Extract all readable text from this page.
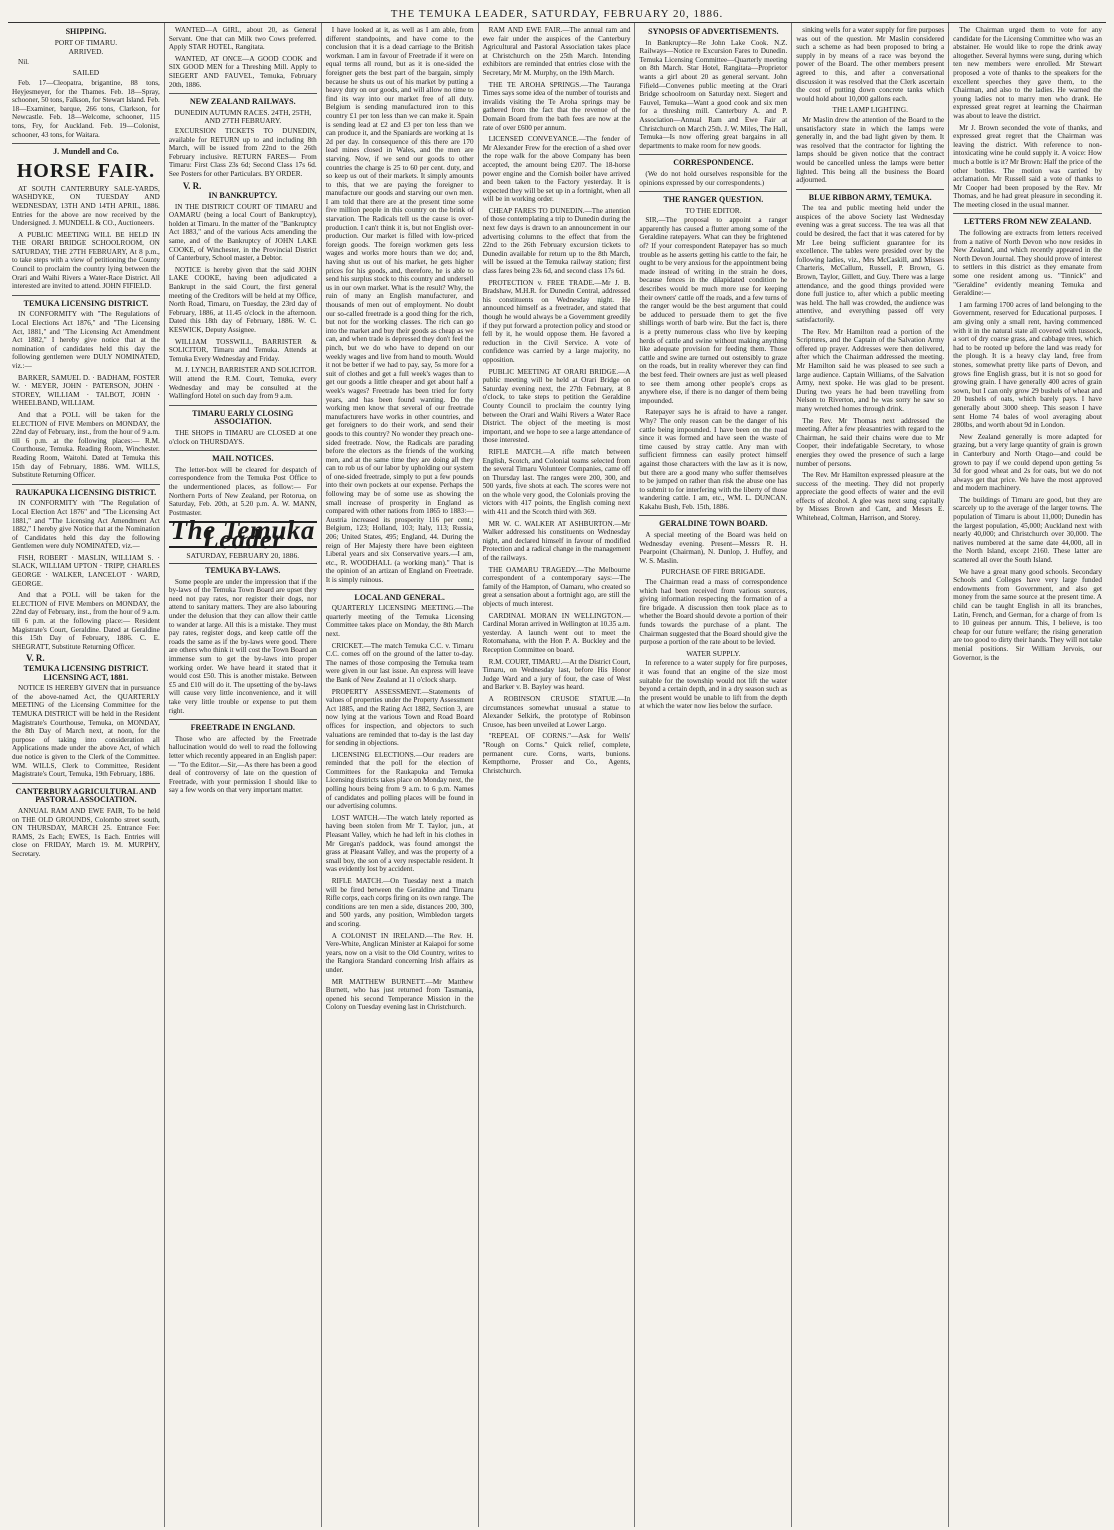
THE TEMUKA LEADER, SATURDAY, FEBRUARY 20, 1886.
SHIPPING.
PORT OF TIMARU.
ARRIVED.

Nil.

SAILED

Feb. 17—Cleopatra, brigantine, 88 tons, Heyjesmeyer, for the Thames. Feb. 18—Spray, schooner, 50 tons, Falkson, for Stewart Island. Feb. 18—Examiner, barque, 266 tons, Clarkson, for Newcastle. Feb. 18—Welcome, schooner, 115 tons, Fry, for Auckland. Feb. 19—Colonist, schooner, 43 tons, for Waitara.

J. Mundell and Co.
HORSE FAIR.

AT SOUTH CANTERBURY SALE-YARDS, WASHDYKE, ON TUESDAY AND WEDNESDAY, 13TH AND 14TH APRIL, 1886. Entries for the above are now received by the Undersigned. J. MUNDELL & CO., Auctioneers.

A PUBLIC MEETING WILL BE HELD IN THE ORARI BRIDGE SCHOOLROOM, ON SATURDAY, THE 27TH FEBRUARY, At 8 p.m., to take steps with a view of petitioning the County Council to proclaim the country lying between the Orari and Waihi Rivers a Water-Race District. All interested are invited to attend. JOHN FIFIELD.

TEMUKA LICENSING DISTRICT.

IN CONFORMITY with "The Regulations of Local Elections Act 1876," and "The Licensing Act, 1881," and "The Licensing Act Amendment Act 1882," I hereby give notice that at the nomination of candidates held this day the following gentlemen were DULY NOMINATED, viz.:—

BARKER, SAMUEL D. · BADHAM, FOSTER W. · MEYER, JOHN · PATERSON, JOHN · STOREY, WILLIAM · TALBOT, JOHN · WHEELBAND, WILLIAM.

And that a POLL will be taken for the ELECTION of FIVE Members on MONDAY, the 22nd day of February, inst., from the hour of 9 a.m. till 6 p.m. at the following places:— R.M. Courthouse, Temuka. Reading Room, Winchester. Reading Room, Waitohi. Dated at Temuka this 15th day of February, 1886. WM. WILLS, Substitute Returning Officer.

RAUKAPUKA LICENSING DISTRICT.

IN CONFORMITY with "The Regulation of Local Election Act 1876" and "The Licensing Act 1881," and "The Licensing Act Amendment Act 1882," I hereby give Notice that at the Nomination of Candidates held this day the following Gentlemen were duly NOMINATED, viz.—

FISH, ROBERT · MASLIN, WILLIAM S. · SLACK, WILLIAM UPTON · TRIPP, CHARLES GEORGE · WALKER, LANCELOT · WARD, GEORGE.

And that a POLL will be taken for the ELECTION of FIVE Members on MONDAY, the 22nd day of February, inst., from the hour of 9 a.m. till 6 p.m. at the following place:— Resident Magistrate's Court, Geraldine. Dated at Geraldine this 15th Day of February, 1886. C. E. SHEGRATT, Substitute Returning Officer.

V. R.
TEMUKA LICENSING DISTRICT. LICENSING ACT, 1881.

NOTICE IS HEREBY GIVEN that in pursuance of the above-named Act, the QUARTERLY MEETING of the Licensing Committee for the TEMUKA DISTRICT will be held in the Resident Magistrate's Courthouse, Temuka, on MONDAY, the 8th Day of March next, at noon, for the purpose of taking into consideration all Applications made under the above Act, of which due notice is given to the Clerk of the Committee. WM. WILLS, Clerk to Committee, Resident Magistrate's Court, Temuka, 19th February, 1886.

CANTERBURY AGRICULTURAL AND PASTORAL ASSOCIATION.

ANNUAL RAM AND EWE FAIR, To be held on THE OLD GROUNDS, Colombo street south, ON THURSDAY, MARCH 25. Entrance Fee: RAMS, 2s Each; EWES, 1s Each. Entries will close on FRIDAY, March 19. M. MURPHY, Secretary.

WANTED—A GIRL, about 20, as General Servant. One that can Milk two Cows preferred. Apply STAR HOTEL, Rangitata.

WANTED, AT ONCE—A GOOD COOK and SIX GOOD MEN for a Threshing Mill. Apply to SIEGERT AND FAUVEL, Temuka, February 20th, 1886.

NEW ZEALAND RAILWAYS.
DUNEDIN AUTUMN RACES. 24TH, 25TH, AND 27TH FEBRUARY.

EXCURSION TICKETS TO DUNEDIN, available for RETURN up to and including 8th March, will be issued from 22nd to the 26th February inclusive. RETURN FARES— From Timaru: First Class 23s 6d; Second Class 17s 6d. See Posters for other Particulars. BY ORDER.

V. R.
IN BANKRUPTCY.

IN THE DISTRICT COURT OF TIMARU and OAMARU (being a local Court of Bankruptcy), holden at Timaru. In the matter of the "Bankruptcy Act 1883," and of the various Acts amending the same, and of the Bankruptcy of JOHN LAKE COOKE, of Winchester, in the Provincial District of Canterbury, School master, a Debtor.

NOTICE is hereby given that the said JOHN LAKE COOKE, having been adjudicated a Bankrupt in the said Court, the first general meeting of the Creditors will be held at my Office, North Road, Timaru, on Tuesday, the 23rd day of February, 1886, at 11.45 o'clock in the afternoon. Dated this 18th day of February, 1886. W. C. KESWICK, Deputy Assignee.

WILLIAM TOSSWILL, BARRISTER & SOLICITOR, Timaru and Temuka. Attends at Temuka Every Wednesday and Friday.

M. J. LYNCH, BARRISTER AND SOLICITOR. Will attend the R.M. Court, Temuka, every Wednesday and may be consulted at the Wallingford Hotel on such day from 9 a.m.

TIMARU EARLY CLOSING ASSOCIATION.

THE SHOPS in TIMARU are CLOSED at one o'clock on THURSDAYS.

MAIL NOTICES.

The letter-box will be cleared for despatch of correspondence from the Temuka Post Office to the undermentioned places, as follow:— For Northern Ports of New Zealand, per Rotorua, on Saturday, Feb. 20th, at 5.20 p.m. A. W. MANN, Postmaster.

The Temuka Leader
SATURDAY, FEBRUARY 20, 1886.
TEMUKA BY-LAWS.

Some people are under the impression that if the by-laws of the Temuka Town Board are upset they need not pay rates, nor register their dogs, nor attend to sanitary matters. They are also labouring under the delusion that they can allow their cattle to wander at large. All this is a mistake. They must pay rates, register dogs, and keep cattle off the roads the same as if the by-laws were good. There are others who think it will cost the Town Board an immense sum to get the by-laws into proper working order. We have heard it stated that it would cost £50. This is another mistake. Between £5 and £10 will do it. The upsetting of the by-laws will cause very little inconvenience, and it will take very little trouble or expense to put them right.

FREETRADE IN ENGLAND.

Those who are affected by the Freetrade hallucination would do well to read the following letter which recently appeared in an English paper:— "To the Editor.—Sir,—As there has been a good deal of controversy of late on the question of Freetrade, with your permission I should like to say a few words on that very important matter.

I have looked at it, as well as I am able, from different standpoints, and have come to the conclusion that it is a dead carriage to the British workman. I am in favour of Freetrade if it were on equal terms all round, but as it is one-sided the foreigner gets the best part of the bargain, simply because he shuts us out of his market by putting a heavy duty on our goods, and will allow no time to find its way into our market free of all duty. Belgium is sending manufactured iron to this country £1 per ton less than we can make it. Spain is sending lead at £2 and £3 per ton less than we can produce it, and the Spaniards are working at 1s 2d per day. In consequence of this there are 170 lead mines closed in Wales, and the men are starving. Now, if we send our goods to other countries the charge is 25 to 60 per cent. duty, and so keep us out of their markets. It simply amounts to this, that we are paying the foreigner to manufacture our goods and starving our own men. I am told that there are at the present time some five million people in this country on the brink of starvation. The Radicals tell us the cause is over-production. I can't think it is, but not English over-production. Our market is filled with low-priced foreign goods. The foreign workmen gets less wages and works more hours than we do; and, having shut us out of his market, he gets higher prices for his goods, and, therefore, he is able to send his surplus stock to this country and undersell us in our own market. What is the result? Why, the ruin of many an English manufacturer, and thousands of men out of employment. No doubt our so-called freetrade is a good thing for the rich, but not for the working classes. The rich can go into the market and buy their goods as cheap as we can, and when trade is depressed they don't feel the pinch, but we do who have to depend on our weekly wages and live from hand to mouth. Would it not be better if we had to pay, say, 5s more for a suit of clothes and get a full week's wages than to get our goods a little cheaper and get about half a week's wages? Freetrade has been tried for forty years, and has been found wanting. Do the working men know that several of our freetrade manufacturers have works in other countries, and get foreigners to do their work, and send their goods to this country? No wonder they preach one-sided freetrade. Now, the Radicals are parading before the electors as the friends of the working men, and at the same time they are doing all they can to rob us of our labor by upholding our system of one-sided freetrade, simply to put a few pounds into their own pockets at our expense. Perhaps the following may be of some use as showing the small increase of prosperity in England as compared with other nations from 1865 to 1883:—Austria increased its prosperity 116 per cent.; Belgium, 123; Holland, 103; Italy, 113; Russia, 206; United States, 495; England, 44. During the reign of Her Majesty there have been eighteen Liberal years and six Conservative years.—I am, etc., R. WOODHALL (a working man)." That is the opinion of an artizan of England on Freetrade. It is simply ruinous.

LOCAL AND GENERAL.

QUARTERLY LICENSING MEETING.—The quarterly meeting of the Temuka Licensing Committee takes place on Monday, the 8th March next.

CRICKET.—The match Temuka C.C. v. Timaru C.C. comes off on the ground of the latter to-day. The names of those composing the Temuka team were given in our last issue. An express will leave the Bank of New Zealand at 11 o'clock sharp.

PROPERTY ASSESSMENT.—Statements of values of properties under the Property Assessment Act 1885, and the Rating Act 1882, Section 3, are now lying at the various Town and Road Board offices for inspection, and objectors to such valuations are reminded that to-day is the last day for sending in objections.

LICENSING ELECTIONS.—Our readers are reminded that the poll for the election of Committees for the Raukapuka and Temuka Licensing districts takes place on Monday next, the polling hours being from 9 a.m. to 6 p.m. Names of candidates and polling places will be found in our advertising columns.

LOST WATCH.—The watch lately reported as having been stolen from Mr T. Taylor, jun., at Pleasant Valley, which he had left in his clothes in Mr Gregan's paddock, was found amongst the grass at Pleasant Valley, and was the property of a small boy, the son of a very respectable resident. It was evidently lost by accident.

RIFLE MATCH.—On Tuesday next a match will be fired between the Geraldine and Timaru Rifle corps, each corps firing on its own range. The conditions are ten men a side, distances 200, 300, and 500 yards, any position, Wimbledon targets and scoring.

A COLONIST IN IRELAND.—The Rev. H. Vere-White, Anglican Minister at Kaiapoi for some years, now on a visit to the Old Country, writes to the Rangiora Standard concerning Irish affairs as under.

MR MATTHEW BURNETT.—Mr Matthew Burnett, who has just returned from Tasmania, opened his second Temperance Mission in the Colony on Tuesday evening last in Christchurch.

RAM AND EWE FAIR.—The annual ram and ewe fair under the auspices of the Canterbury Agricultural and Pastoral Association takes place at Christchurch on the 25th March. Intending exhibitors are reminded that entries close with the Secretary, Mr M. Murphy, on the 19th March.

THE TE AROHA SPRINGS.—The Tauranga Times says some idea of the number of tourists and invalids visiting the Te Aroha springs may be gathered from the fact that the revenue of the Domain Board from the bath fees are now at the rate of over £600 per annum.

LICENSED CONVEYANCE.—The fender of Mr Alexander Frew for the erection of a shed over the rope walk for the above Company has been accepted, the amount being £207. The 18-horse power engine and the Cornish boiler have arrived and been taken to the Factory yesterday. It is expected they will be set up in a fortnight, when all will be in working order.

CHEAP FARES TO DUNEDIN.—The attention of those contemplating a trip to Dunedin during the next few days is drawn to an announcement in our advertising columns to the effect that from the 22nd to the 26th February excursion tickets to Dunedin available for return up to the 8th March, will be issued at the Temuka railway station; first class fares being 23s 6d, and second class 17s 6d.

PROTECTION v. FREE TRADE.—Mr J. B. Bradshaw, M.H.R. for Dunedin Central, addressed his constituents on Wednesday night. He announced himself as a freetrader, and stated that though he would always be a Government greedily if they put forward a protection policy and stood or fell by it, he would oppose them. He favored a reduction in the Civil Service. A vote of confidence was carried by a large majority, no opposition.

PUBLIC MEETING AT ORARI BRIDGE.—A public meeting will be held at Orari Bridge on Saturday evening next, the 27th February, at 8 o'clock, to take steps to petition the Geraldine County Council to proclaim the country lying between the Orari and Waihi Rivers a Water Race District. The object of the meeting is most important, and we hope to see a large attendance of those interested.

RIFLE MATCH.—A rifle match between English, Scotch, and Colonial teams selected from the several Timaru Volunteer Companies, came off on Thursday last. The ranges were 200, 300, and 500 yards, five shots at each. The scores were not on the whole very good, the Colonials proving the victors with 417 points, the English coming next with 411 and the Scotch third with 369.

MR W. C. WALKER AT ASHBURTON.—Mr Walker addressed his constituents on Wednesday night, and declared himself in favour of modified Protection and a radical change in the management of the railways.

THE OAMARU TRAGEDY.—The Melbourne correspondent of a contemporary says:—The family of the Hampton, of Oamaru, who created so great a sensation about a fortnight ago, are still the objects of much interest.

CARDINAL MORAN IN WELLINGTON.—Cardinal Moran arrived in Wellington at 10.35 a.m. yesterday. A launch went out to meet the Rotomahana, with the Hon P. A. Buckley and the Reception Committee on board.

R.M. COURT, TIMARU.—At the District Court, Timaru, on Wednesday last, before His Honor Judge Ward and a jury of four, the case of West and Barker v. B. Bayley was heard.

A ROBINSON CRUSOE STATUE.—In circumstances somewhat unusual a statue to Alexander Selkirk, the prototype of Robinson Crusoe, has been unveiled at Lower Largo.

"REPEAL OF CORNS."—Ask for Wells' "Rough on Corns." Quick relief, complete, permanent cure. Corns, warts, bunions. Kempthorne, Prosser and Co., Agents, Christchurch.

SYNOPSIS OF ADVERTISEMENTS.

In Bankruptcy—Re John Lake Cook. N.Z. Railways—Notice re Excursion Fares to Dunedin. Temuka Licensing Committee—Quarterly meeting on 8th March. Star Hotel, Rangitata—Proprietor wants a girl about 20 as general servant. John Fifield—Convenes public meeting at the Orari Bridge schoolroom on Saturday next. Siegert and Fauvel, Temuka—Want a good cook and six men for a threshing mill. Canterbury A. and P. Association—Annual Ram and Ewe Fair at Christchurch on March 25th. J. W. Miles, The Hall, Temuka—Is now offering great bargains in all departments to make room for new goods.

CORRESPONDENCE.

(We do not hold ourselves responsible for the opinions expressed by our correspondents.)

THE RANGER QUESTION.
TO THE EDITOR.

SIR,—The proposal to appoint a ranger apparently has caused a flutter among some of the Geraldine ratepayers. What can they be frightened of? If your correspondent Ratepayer has so much trouble as he asserts getting his cattle to the fair, he ought to be very anxious for the appointment being made instead of writing in the strain he does, because fences in the dilapidated condition he describes would be much more use for keeping their owners' cattle off the roads, and a few turns of the ranger would be the best argument that could be adduced to persuade them to get the five shillings worth of barb wire. But the fact is, there is a pretty numerous class who live by keeping herds of cattle and swine without making anything like adequate provision for feeding them. Those cattle and swine are turned out ostensibly to graze on the roads, but in reality wherever they can find the best feed. Their owners are just as well pleased to see them among other people's crops as anywhere else, if there is no danger of them being impounded.

Ratepayer says he is afraid to have a ranger. Why? The only reason can be the danger of his cattle being impounded. I have been on the road since it was formed and have seen the waste of time caused by stray cattle. Any man with sufficient firmness can easily protect himself against those characters with the law as it is now, but there are a good many who suffer themselves to be jumped on rather than risk the abuse one has to submit to for interfering with the liberty of those wandering cattle. I am, etc., WM. L. DUNCAN. Kakahu Bush, Feb. 15th, 1886.

GERALDINE TOWN BOARD.

A special meeting of the Board was held on Wednesday evening. Present—Messrs R. H. Pearpoint (Chairman), N. Dunlop, J. Huffey, and W. S. Maslin.

PURCHASE OF FIRE BRIGADE.

The Chairman read a mass of correspondence which had been received from various sources, giving information respecting the formation of a fire brigade. A discussion then took place as to whether the Board should devote a portion of their funds towards the purchase of a plant. The Chairman suggested that the Board should give the purpose a portion of the rate about to be levied.

WATER SUPPLY.

In reference to a water supply for fire purposes, it was found that an engine of the size most suitable for the township would not lift the water beyond a certain depth, and in a dry season such as the present would be unable to lift from the depth at which the water now lies below the surface.

sinking wells for a water supply for fire purposes was out of the question. Mr Maslin considered such a scheme as had been proposed to bring a supply in by means of a race was beyond the power of the Board. The other members present agreed to this, and after a conversational discussion it was resolved that the Clerk ascertain the cost of putting down concrete tanks which would hold about 10,000 gallons each.

THE LAMP LIGHTING.

Mr Maslin drew the attention of the Board to the unsatisfactory state in which the lamps were generally in, and the bad light given by them. It was resolved that the contractor for lighting the lamps should be given notice that the contract would be cancelled unless the lamps were better lighted. This being all the business the Board adjourned.

BLUE RIBBON ARMY, TEMUKA.

The tea and public meeting held under the auspices of the above Society last Wednesday evening was a great success. The tea was all that could be desired, the fact that it was catered for by Mr Lee being sufficient guarantee for its excellence. The tables were presided over by the following ladies, viz., Mrs McCaskill, and Misses Charteris, McCallum, Russell, P. Brown, G. Brown, Taylor, Gillett, and Guy. There was a large attendance, and the good things provided were done full justice to, after which a public meeting was held. The hall was crowded, the audience was attentive, and everything passed off very satisfactorily.

The Rev. Mr Hamilton read a portion of the Scriptures, and the Captain of the Salvation Army offered up prayer. Addresses were then delivered, after which the Chairman addressed the meeting. Mr Hamilton said he was pleased to see such a large audience. Captain Williams, of the Salvation Army, next spoke. He was glad to be present. During two years he had been travelling from Nelson to Riverton, and he was sorry he saw so many wretched homes through drink.

The Rev. Mr Thomas next addressed the meeting. After a few pleasantries with regard to the Chairman, he said their chains were due to Mr Cooper, their indefatigable Secretary, to whose energies they owed the presence of such a large number of persons.

The Rev. Mr Hamilton expressed pleasure at the success of the meeting. They did not properly appreciate the good effects of water and the evil effects of alcohol. A glee was next sung capitally by Misses Brown and Cant, and Messrs E. Whitehead, Coltman, Harrison, and Storey.

The Chairman urged them to vote for any candidate for the Licensing Committee who was an abstainer. He would like to rope the drink away altogether. Several hymns were sung, during which ten new members were enrolled. Mr Stewart proposed a vote of thanks to the speakers for the excellent speeches they gave them, to the Chairman, and also to the ladies. He warned the young ladies not to marry men who drank. He expressed great regret at learning the Chairman was about to leave the district.

Mr J. Brown seconded the vote of thanks, and expressed great regret that the Chairman was leaving the district. With reference to non-intoxicating wine he could supply it. A voice: How much a bottle is it? Mr Brown: Half the price of the other bottles. The motion was carried by acclamation. Mr Russell said a vote of thanks to Mr Cooper had been proposed by the Rev. Mr Thomas, and he had great pleasure in seconding it. The meeting closed in the usual manner.

LETTERS FROM NEW ZEALAND.

The following are extracts from letters received from a native of North Devon who now resides in New Zealand, and which recently appeared in the North Devon Journal. They should prove of interest to settlers in this district as they emanate from some one resident among us. "Tinnick" and "Geraldine" evidently meaning Temuka and Geraldine:—

I am farming 1700 acres of land belonging to the Government, reserved for Educational purposes. I am giving only a small rent, having commenced with it in the natural state all covered with tussock, a sort of dry coarse grass, and cabbage trees, which had to be rooted up before the land was ready for the plough. It is a heavy clay land, free from stones, somewhat pretty like parts of Devon, and grows fine English grass, but it is not so good for growing grain. I have generally 400 acres of grain sown, but I can only grow 29 bushels of wheat and 20 bushels of oats, which barely pays. I have generally about 3000 sheep. This season I have sent Home 74 bales of wool averaging about 280lbs, and worth about 9d in London.

New Zealand generally is more adapted for grazing, but a very large quantity of grain is grown in Canterbury and North Otago—and could be grown to pay if we could depend upon getting 5s 3d for good wheat and 2s for oats, but we do not always get that price. We have the most approved and modern machinery.

The buildings of Timaru are good, but they are scarcely up to the average of the larger towns. The population of Timaru is about 11,000; Dunedin has the largest population, 45,000; Auckland next with nearly 40,000; and Christchurch over 30,000. The natives numbered at the same date 44,000, all in the North Island, except 2160. These latter are scattered all over the South Island.

We have a great many good schools. Secondary Schools and Colleges have very large funded endowments from Government, and also get money from the same source at the present time. A child can be taught English in all its branches, Latin, French, and German, for a charge of from 1s to 10 guineas per annum. This, I believe, is too cheap for our future welfare; the rising generation are too good to dirty their hands. They will not take menial positions. Sir William Jervois, our Governor, is the
